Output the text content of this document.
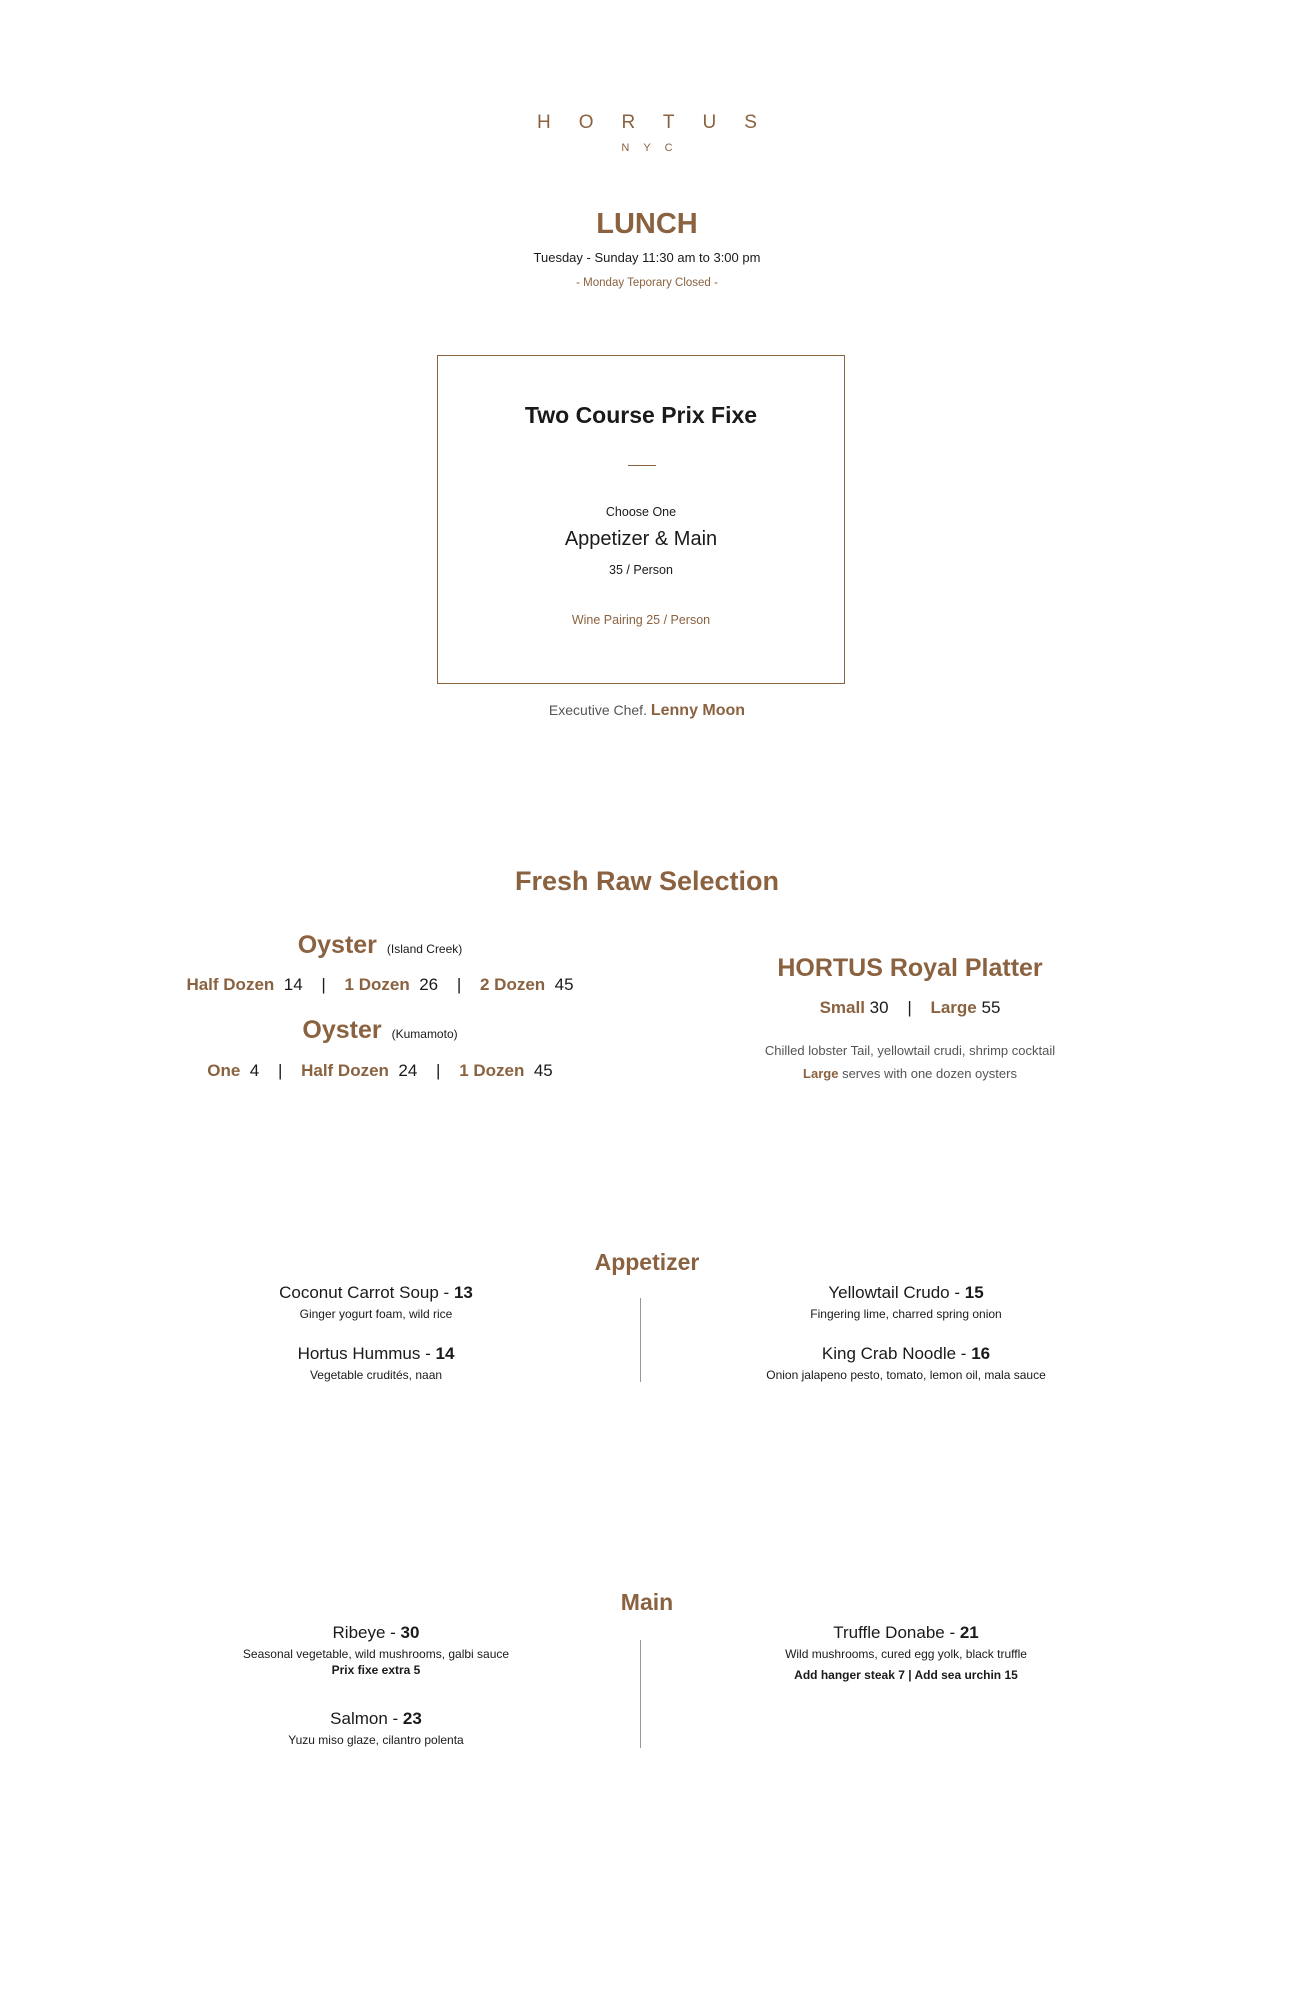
HORTUS
NYC
LUNCH
Tuesday - Sunday 11:30 am to 3:00 pm
- Monday Teporary Closed -
Two Course Prix Fixe
Choose One
Appetizer & Main
35 / Person
Wine Pairing 25 / Person
Executive Chef. Lenny Moon
Fresh Raw Selection
Oyster (Island Creek)
Half Dozen 14 | 1 Dozen 26 | 2 Dozen 45
Oyster (Kumamoto)
One 4 | Half Dozen 24 | 1 Dozen 45
HORTUS Royal Platter
Small 30 | Large 55
Chilled lobster Tail, yellowtail crudi, shrimp cocktail
Large serves with one dozen oysters
Appetizer
Coconut Carrot Soup - 13
Ginger yogurt foam, wild rice
Hortus Hummus - 14
Vegetable crudités, naan
Yellowtail Crudo - 15
Fingering lime, charred spring onion
King Crab Noodle - 16
Onion jalapeno pesto, tomato, lemon oil, mala sauce
Main
Ribeye - 30
Seasonal vegetable, wild mushrooms, galbi sauce
Prix fixe extra 5
Salmon - 23
Yuzu miso glaze, cilantro polenta
Truffle Donabe - 21
Wild mushrooms, cured egg yolk, black truffle
Add hanger steak 7 | Add sea urchin 15
